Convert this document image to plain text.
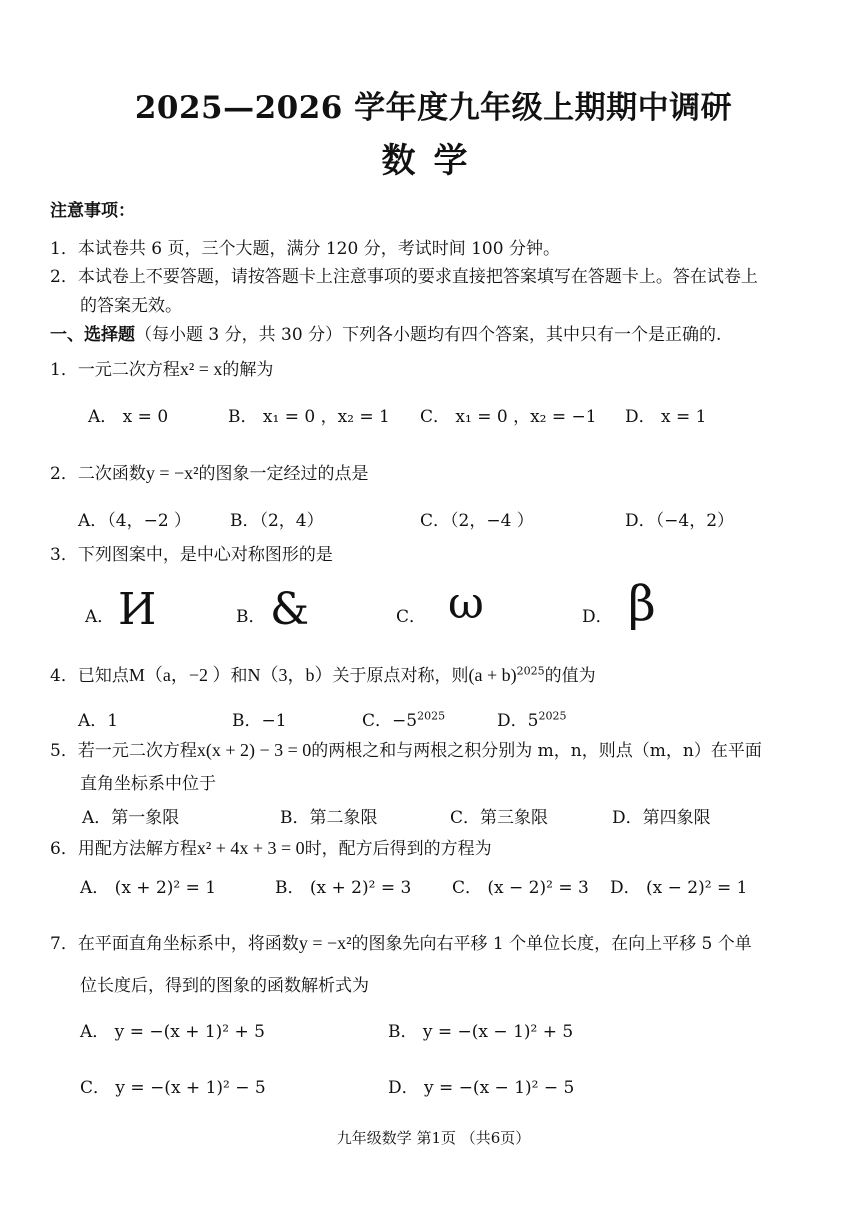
2025—2026 学年度九年级上期期中调研
数学
注意事项：
1．本试卷共 6 页，三个大题，满分 120 分，考试时间 100 分钟。
2．本试卷上不要答题，请按答题卡上注意事项的要求直接把答案填写在答题卡上。答在试卷上
的答案无效。
一、选择题（每小题 3 分，共 30 分）下列各小题均有四个答案，其中只有一个是正确的.
1．一元二次方程x² = x的解为
A． x = 0	B． x₁ = 0 ，x₂ = 1 C． x₁ = 0 ，x₂ = −1 D． x = 1
2．二次函数y = −x²的图象一定经过的点是
A．（4，−2 ） B．（2，4）	C．（2，−4 ）	D．（−4，2）
3．下列图案中，是中心对称图形的是
A． И	B． &	C． ω	D． β
4．已知点M（a，−2 ）和N（3，b）关于原点对称，则$(a + b)^{2025}$的值为
A．1	B．−1	C．$-5^{2025}$	D．$5^{2025}$
5．若一元二次方程x(x + 2) − 3 = 0的两根之和与两根之积分别为 m，n，则点（m，n）在平面
直角坐标系中位于
A．第一象限	B．第二象限	C．第三象限	D．第四象限
6．用配方法解方程x² + 4x + 3 = 0时，配方后得到的方程为
A． (x + 2)² = 1	B． (x + 2)² = 3 C． (x − 2)² = 3 D． (x − 2)² = 1
7．在平面直角坐标系中，将函数y = −x²的图象先向右平移 1 个单位长度，在向上平移 5 个单
位长度后，得到的图象的函数解析式为
A． y = −(x + 1)² + 5	B． y = −(x − 1)² + 5
C． y = −(x + 1)² − 5	D． y = −(x − 1)² − 5
九年级数学 第1页 （共6页）
